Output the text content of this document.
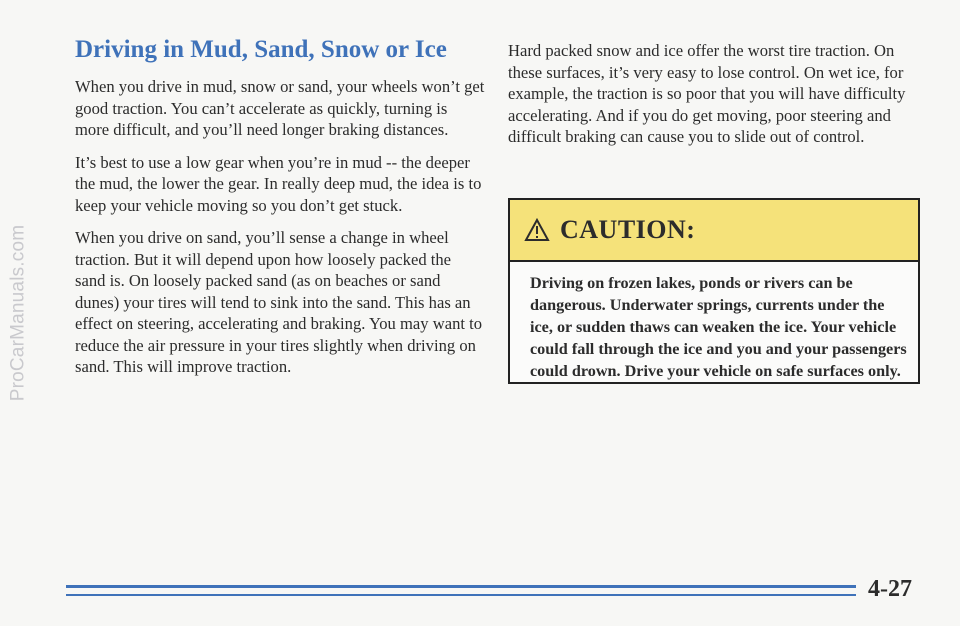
ProCarManuals.com
Driving in Mud, Sand, Snow or Ice

When you drive in mud, snow or sand, your wheels won’t get good traction. You can’t accelerate as quickly, turning is more difficult, and you’ll need longer braking distances.

It’s best to use a low gear when you’re in mud -- the deeper the mud, the lower the gear. In really deep mud, the idea is to keep your vehicle moving so you don’t get stuck.

When you drive on sand, you’ll sense a change in wheel traction. But it will depend upon how loosely packed the sand is. On loosely packed sand (as on beaches or sand dunes) your tires will tend to sink into the sand. This has an effect on steering, accelerating and braking. You may want to reduce the air pressure in your tires slightly when driving on sand. This will improve traction.

Hard packed snow and ice offer the worst tire traction. On these surfaces, it’s very easy to lose control. On wet ice, for example, the traction is so poor that you will have difficulty accelerating. And if you do get moving, poor steering and difficult braking can cause you to slide out of control.

CAUTION:

Driving on frozen lakes, ponds or rivers can be dangerous. Underwater springs, currents under the ice, or sudden thaws can weaken the ice. Your vehicle could fall through the ice and you and your passengers could drown. Drive your vehicle on safe surfaces only.

4-27
